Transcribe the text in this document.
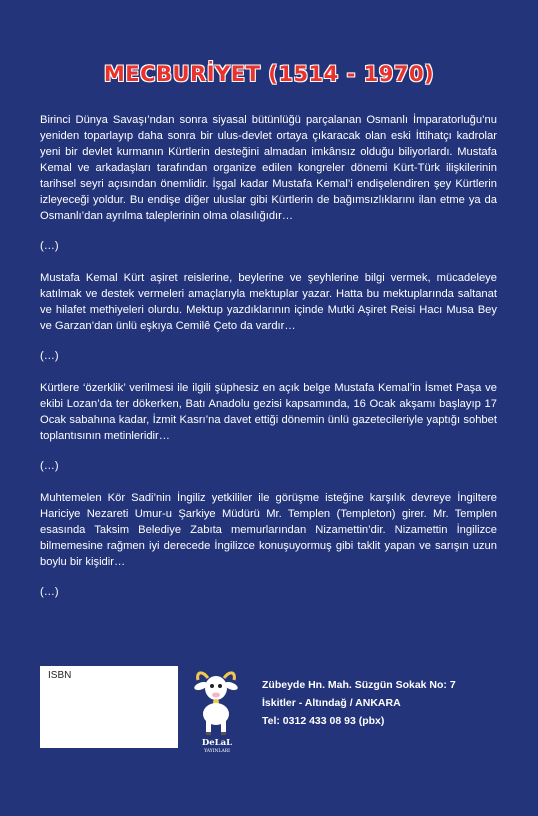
MECBURİYET (1514 - 1970)

Birinci Dünya Savaşı’ndan sonra siyasal bütünlüğü parçalanan Osmanlı İmparatorluğu’nu yeniden toparlayıp daha sonra bir ulus-devlet ortaya çıkaracak olan eski İttihatçı kadrolar yeni bir devlet kurmanın Kürtlerin desteğini almadan imkânsız olduğu biliyorlardı. Mustafa Kemal ve arkadaşları tarafından organize edilen kongreler dönemi Kürt-Türk ilişkilerinin tarihsel seyri açısından önemlidir. İşgal kadar Mustafa Kemal’i endişelendiren şey Kürtlerin izleyeceği yoldur. Bu endişe diğer uluslar gibi Kürtlerin de bağımsızlıklarını ilan etme ya da Osmanlı’dan ayrılma taleplerinin olma olasılığıdır…

(…)

Mustafa Kemal Kürt aşiret reislerine, beylerine ve şeyhlerine bilgi vermek, mücadeleye katılmak ve destek vermeleri amaçlarıyla mektuplar yazar. Hatta bu mektuplarında saltanat ve hilafet methiyeleri olurdu. Mektup yazdıklarının içinde Mutki Aşiret Reisi Hacı Musa Bey ve Garzan’dan ünlü eşkıya Cemilê Çeto da vardır…

(…)

Kürtlere ‘özerklik’ verilmesi ile ilgili şüphesiz en açık belge Mustafa Kemal’in İsmet Paşa ve ekibi Lozan’da ter dökerken, Batı Anadolu gezisi kapsamında, 16 Ocak akşamı başlayıp 17 Ocak sabahına kadar, İzmit Kasrı’na davet ettiği dönemin ünlü gazetecileriyle yaptığı sohbet toplantısının metinleridir…

(…)

Muhtemelen Kör Sadi’nin İngiliz yetkililer ile görüşme isteğine karşılık devreye İngiltere Hariciye Nezareti Umur-u Şarkiye Müdürü Mr. Templen (Templeton) girer. Mr. Templen esasında Taksim Belediye Zabıta memurlarından Nizamettin’dir. Nizamettin İngilizce bilmemesine rağmen iyi derecede İngilizce konuşuyormuş gibi taklit yapan ve sarışın uzun boylu bir kişidir…

(…)

ISBN
DeLaL
YAYINLARI
Zübeyde Hn. Mah. Süzgün Sokak No: 7
İskitler - Altındağ / ANKARA
Tel: 0312 433 08 93 (pbx)
